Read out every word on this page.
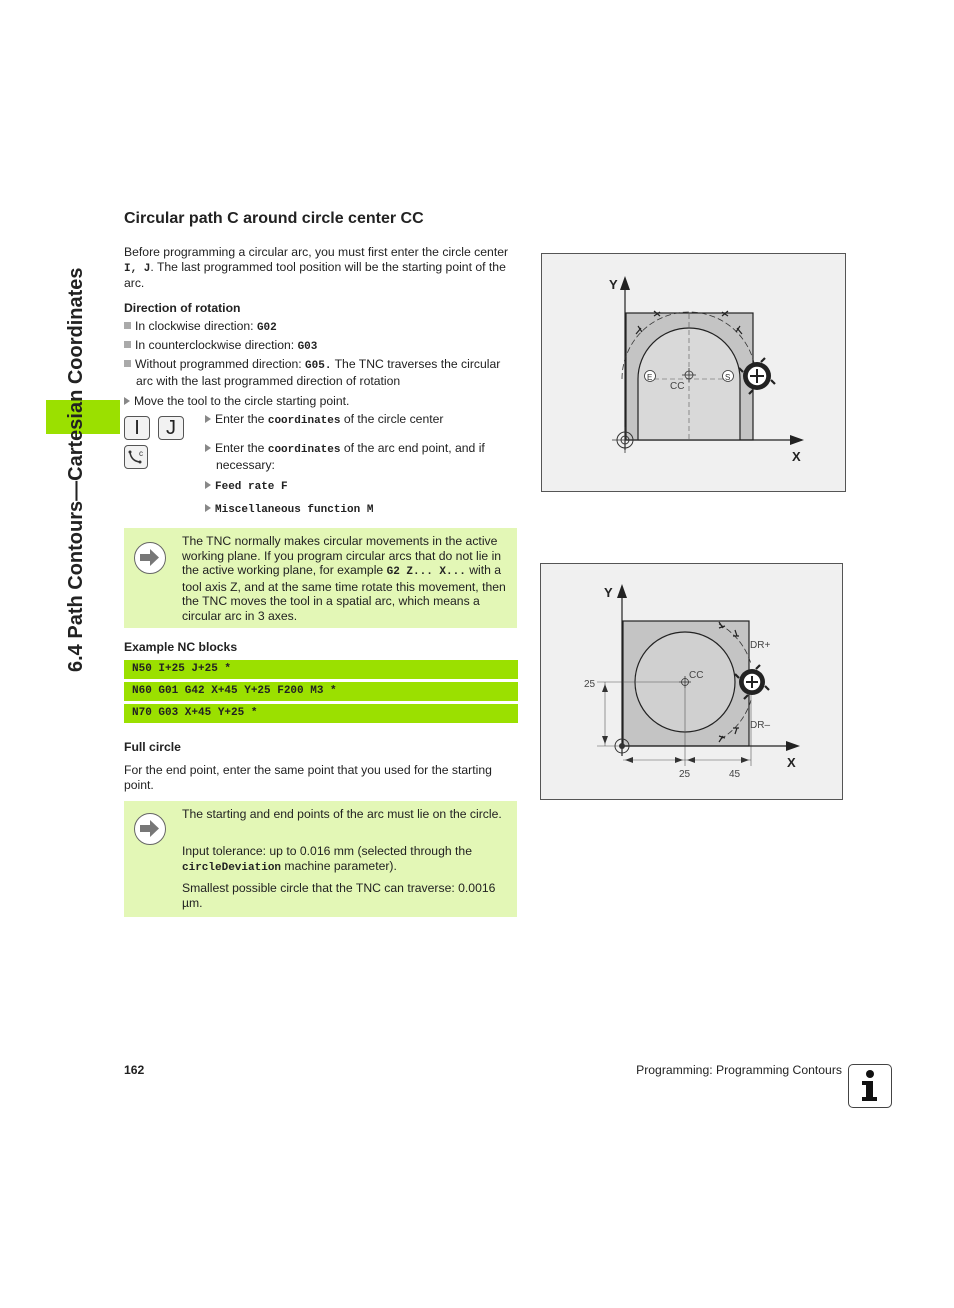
6.4 Path Contours—Cartesian Coordinates
Circular path C around circle center CC
Before programming a circular arc, you must first enter the circle center I, J. The last programmed tool position will be the starting point of the arc.
Direction of rotation
In clockwise direction: G02
In counterclockwise direction: G03
Without programmed direction: G05. The TNC traverses the circular arc with the last programmed direction of rotation
Move the tool to the circle starting point.
I	J
c
Enter the coordinates of the circle center
Enter the coordinates of the arc end point, and if necessary:
Feed rate F
Miscellaneous function M
The TNC normally makes circular movements in the active working plane. If you program circular arcs that do not lie in the active working plane, for example G2 Z... X... with a tool axis Z, and at the same time rotate this movement, then the TNC moves the tool in a spatial arc, which means a circular arc in 3 axes.
Example NC blocks
N50 I+25 J+25 *
N60 G01 G42 X+45 Y+25 F200 M3 *
N70 G03 X+45 Y+25 *
Full circle
For the end point, enter the same point that you used for the starting point.
The starting and end points of the arc must lie on the circle.
Input tolerance: up to 0.016 mm (selected through the circleDeviation machine parameter).
Smallest possible circle that the TNC can traverse: 0.0016 µm.
Y
X
CC
E	S
Y
X
CC
DR+
DR–
25
25	45
162	Programming: Programming Contours
